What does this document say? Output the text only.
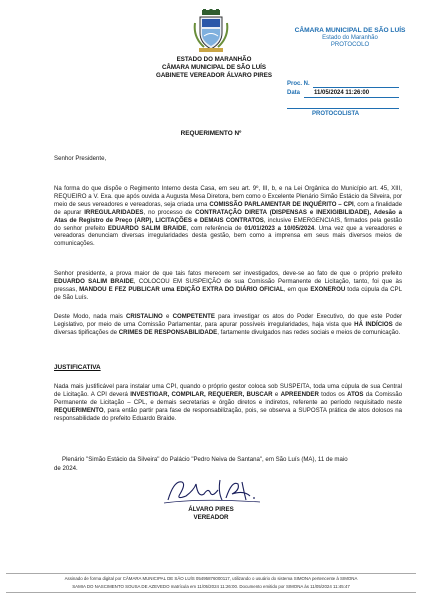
ESTADO DO MARANHÃO
CÂMARA MUNICIPAL DE SÃO LUÍS
GABINETE VEREADOR ÁLVARO PIRES
CÂMARA MUNICIPAL DE SÃO LUÍS
Estado do Maranhão
PROTOCOLO
Proc. N.
Data 11/05/2024 11:26:00
PROTOCOLISTA
REQUERIMENTO Nº
Senhor Presidente,
Na forma do que dispõe o Regimento Interno desta Casa, em seu art. 9º, III, b, e na Lei Orgânica do Município art. 45, XIII, REQUEIRO a V. Exa. que após ouvida a Augusta Mesa Diretora, bem como o Excelente Plenário Simão Estácio da Silveira, por meio de seus vereadores e vereadoras, seja criada uma COMISSÃO PARLAMENTAR DE INQUÉRITO – CPI, com a finalidade de apurar IRREGULARIDADES, no processo de CONTRATAÇÃO DIRETA (DISPENSAS e INEXIGIBILIDADE), Adesão a Atas de Registro de Preço (ARP), LICITAÇÕES e DEMAIS CONTRATOS, inclusive EMERGENCIAIS, firmados pela gestão do senhor prefeito EDUARDO SALIM BRAIDE, com referência de 01/01/2023 a 10/05/2024. Uma vez que a vereadores e vereadoras denunciam diversas irregularidades desta gestão, bem como a imprensa em seus mais diversos meios de comunicações.
Senhor presidente, a prova maior de que tais fatos merecem ser investigados, deve-se ao fato de que o próprio prefeito EDUARDO SALIM BRAIDE, COLOCOU EM SUSPEIÇÃO de sua Comissão Permanente de Licitação, tanto, foi que às pressas, MANDOU E FEZ PUBLICAR uma EDIÇÃO EXTRA DO DIÁRIO OFICIAL, em que EXONEROU toda cúpula da CPL de São Luís.
Deste Modo, nada mais CRISTALINO e COMPETENTE para investigar os atos do Poder Executivo, do que este Poder Legislativo, por meio de uma Comissão Parlamentar, para apurar possíveis irregularidades, haja vista que HÁ INDÍCIOS de diversas tipificações de CRIMES DE RESPONSABILIDADE, fartamente divulgados nas redes sociais e meios de comunicação.
JUSTIFICATIVA
Nada mais justificável para instalar uma CPI, quando o próprio gestor coloca sob SUSPEITA, toda uma cúpula de sua Central de Licitação. A CPI deverá INVESTIGAR, COMPILAR, REQUERER, BUSCAR e APREENDER todos os ATOS da Comissão Permanente de Licitação – CPL, e demais secretarias e órgão diretos e indiretos, referente ao período requisitado neste REQUERIMENTO, para então partir para fase de responsabilização, pois, se observa a SUPOSTA prática de atos dolosos na responsabilidade do prefeito Eduardo Braide.
Plenário "Simão Estácio da Silveira" do Palácio "Pedro Neiva de Santana", em São Luís (MA), 11 de maio
de 2024.
ÁLVARO PIRES
VEREADOR
Assinado de forma digital por CÂMARA MUNICIPAL DE SÃO LUÍS 05495876000117, utilizando o usuário do sistema SIMONA pertencente à SIMONA
SAMIA DO NASCIMENTO SOUSA DE AZEVEDO matrícula em 11/05/2024 11:26:00. Documento emitido por SIMONA às 11/05/2024 11:45:47
